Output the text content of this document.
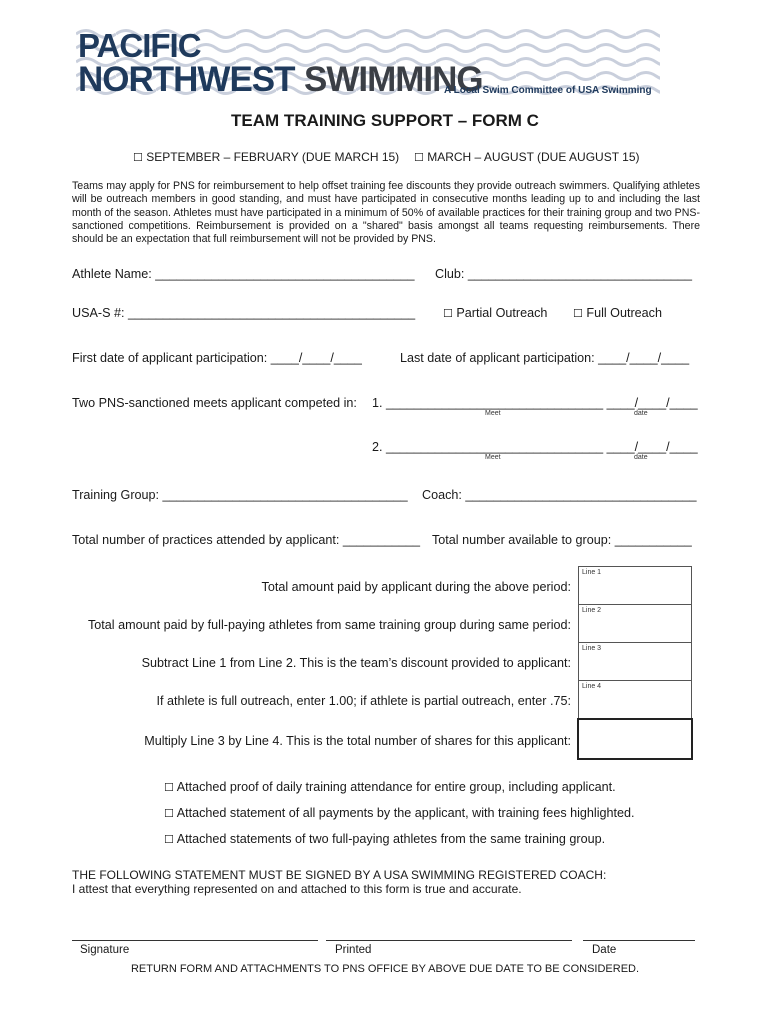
PACIFIC
NORTHWEST SWIMMING
A Local Swim Committee of USA Swimming
TEAM TRAINING SUPPORT – FORM C
☐ SEPTEMBER – FEBRUARY (DUE MARCH 15) ☐ MARCH – AUGUST (DUE AUGUST 15)
Teams may apply for PNS for reimbursement to help offset training fee discounts they provide outreach swimmers. Qualifying athletes will be outreach members in good standing, and must have participated in consecutive months leading up to and including the last month of the season. Athletes must have participated in a minimum of 50% of available practices for their training group and two PNS-sanctioned competitions. Reimbursement is provided on a "shared" basis amongst all teams requesting reimbursements. There should be an expectation that full reimbursement will not be provided by PNS.
Athlete Name: _____________________________________ Club: ________________________________
USA-S #: _________________________________________	☐ Partial Outreach ☐ Full Outreach
First date of applicant participation: ____/____/____	Last date of applicant participation: ____/____/____
Two PNS-sanctioned meets applicant competed in: 1. _______________________________ ____/____/____
Meet	date
2. _______________________________ ____/____/____
Meet	date
Training Group: ___________________________________ Coach: _________________________________
Total number of practices attended by applicant: ___________ Total number available to group: ___________
Total amount paid by applicant during the above period:
Line 1
Total amount paid by full-paying athletes from same training group during same period:
Line 2
Subtract Line 1 from Line 2. This is the team’s discount provided to applicant:
Line 3
If athlete is full outreach, enter 1.00; if athlete is partial outreach, enter .75:
Line 4
Multiply Line 3 by Line 4. This is the total number of shares for this applicant:
☐ Attached proof of daily training attendance for entire group, including applicant.
☐ Attached statement of all payments by the applicant, with training fees highlighted.
☐ Attached statements of two full-paying athletes from the same training group.
THE FOLLOWING STATEMENT MUST BE SIGNED BY A USA SWIMMING REGISTERED COACH:
I attest that everything represented on and attached to this form is true and accurate.
Signature	Printed	Date
RETURN FORM AND ATTACHMENTS TO PNS OFFICE BY ABOVE DUE DATE TO BE CONSIDERED.
